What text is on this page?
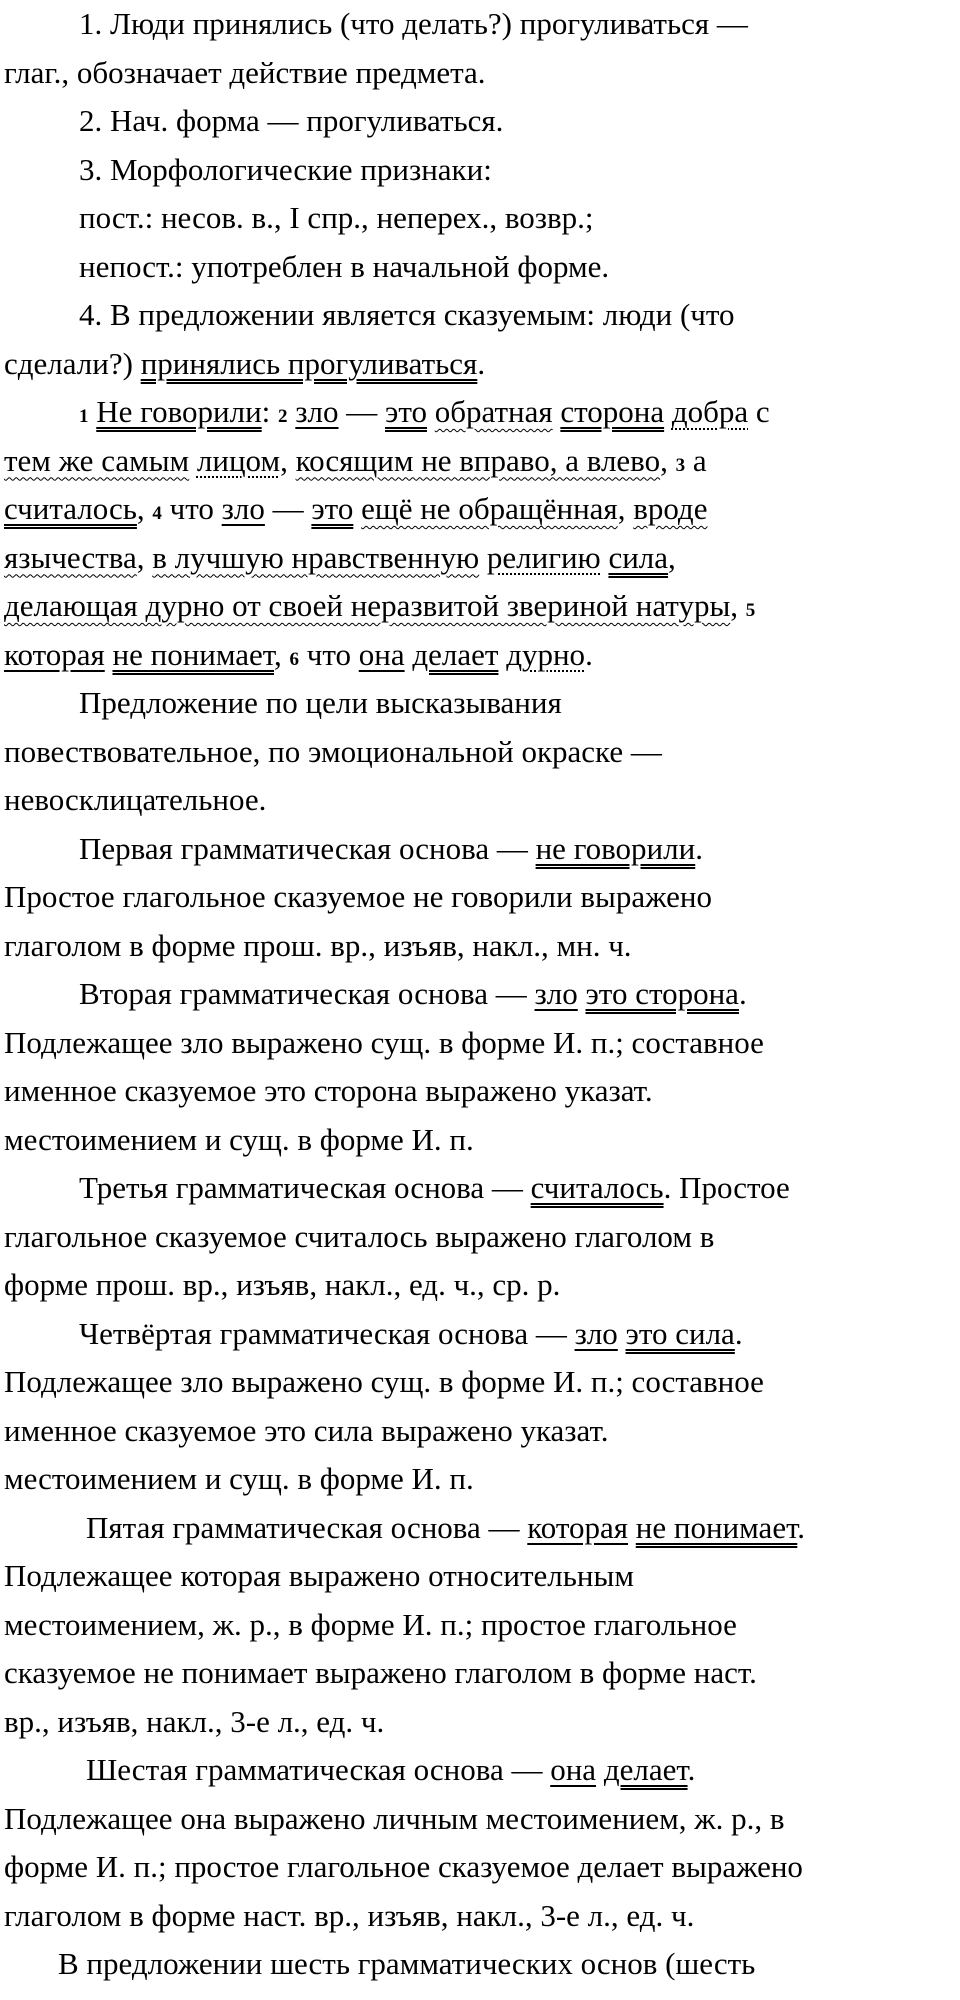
1. Люди принялись (что делать?) прогуливаться —
глаг., обозначает действие предмета.
2. Нач. форма — прогуливаться.
3. Морфологические признаки:
пост.: несов. в., I спр., неперех., возвр.;
непост.: употреблен в начальной форме.
4. В предложении является сказуемым: люди (что
сделали?) принялись прогуливаться.
1 Не говорили: 2 зло — это обратная сторона добра с
тем же самым лицом, косящим не вправо, а влево, 3 а
считалось, 4 что зло — это ещё не обращённая, вроде
язычества, в лучшую нравственную религию сила,
делающая дурно от своей неразвитой звериной натуры, 5
которая не понимает, 6 что она делает дурно.
Предложение по цели высказывания
повествовательное, по эмоциональной окраске —
невосклицательное.
Первая грамматическая основа — не говорили.
Простое глагольное сказуемое не говорили выражено
глаголом в форме прош. вр., изъяв, накл., мн. ч.
Вторая грамматическая основа — зло это сторона.
Подлежащее зло выражено сущ. в форме И. п.; составное
именное сказуемое это сторона выражено указат.
местоимением и сущ. в форме И. п.
Третья грамматическая основа — считалось. Простое
глагольное сказуемое считалось выражено глаголом в
форме прош. вр., изъяв, накл., ед. ч., ср. р.
Четвёртая грамматическая основа — зло это сила.
Подлежащее зло выражено сущ. в форме И. п.; составное
именное сказуемое это сила выражено указат.
местоимением и сущ. в форме И. п.
Пятая грамматическая основа — которая не понимает.
Подлежащее которая выражено относительным
местоимением, ж. р., в форме И. п.; простое глагольное
сказуемое не понимает выражено глаголом в форме наст.
вр., изъяв, накл., 3-е л., ед. ч.
Шестая грамматическая основа — она делает.
Подлежащее она выражено личным местоимением, ж. р., в
форме И. п.; простое глагольное сказуемое делает выражено
глаголом в форме наст. вр., изъяв, накл., 3-е л., ед. ч.
В предложении шесть грамматических основ (шесть
